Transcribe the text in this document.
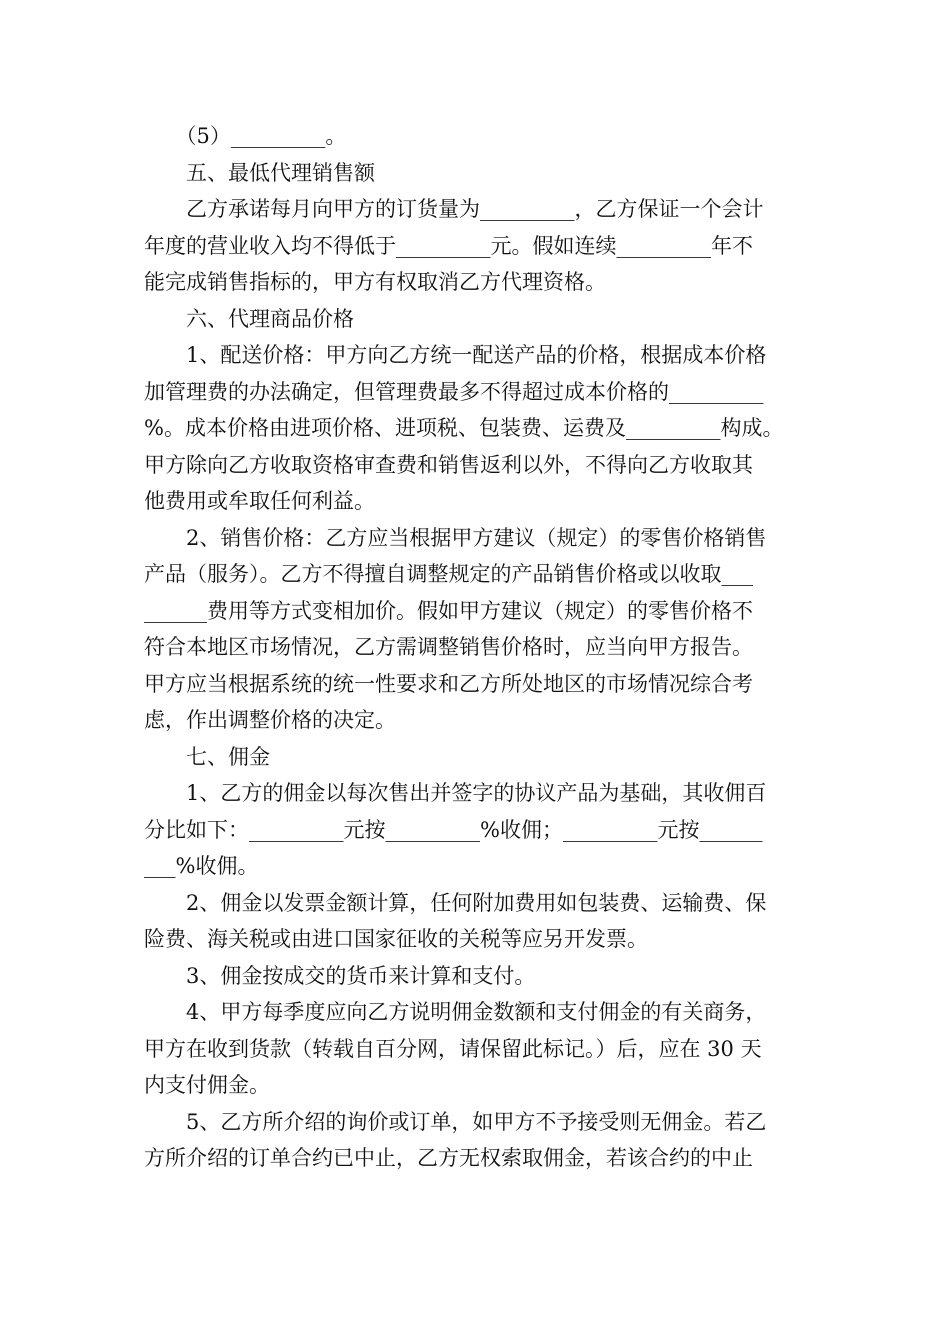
　　（5）_________。
　　五、最低代理销售额
　　乙方承诺每月向甲方的订货量为_________，乙方保证一个会计
年度的营业收入均不得低于_________元。假如连续_________年不
能完成销售指标的，甲方有权取消乙方代理资格。
　　六、代理商品价格
　　1、配送价格：甲方向乙方统一配送产品的价格，根据成本价格
加管理费的办法确定，但管理费最多不得超过成本价格的_________
%。成本价格由进项价格、进项税、包装费、运费及_________构成。
甲方除向乙方收取资格审查费和销售返利以外，不得向乙方收取其
他费用或牟取任何利益。
　　2、销售价格：乙方应当根据甲方建议（规定）的零售价格销售
产品（服务）。乙方不得擅自调整规定的产品销售价格或以收取___
______费用等方式变相加价。假如甲方建议（规定）的零售价格不
符合本地区市场情况，乙方需调整销售价格时，应当向甲方报告。
甲方应当根据系统的统一性要求和乙方所处地区的市场情况综合考
虑，作出调整价格的决定。
　　七、佣金
　　1、乙方的佣金以每次售出并签字的协议产品为基础，其收佣百
分比如下：_________元按_________%收佣；_________元按______
___%收佣。
　　2、佣金以发票金额计算，任何附加费用如包装费、运输费、保
险费、海关税或由进口国家征收的关税等应另开发票。
　　3、佣金按成交的货币来计算和支付。
　　4、甲方每季度应向乙方说明佣金数额和支付佣金的有关商务，
甲方在收到货款（转载自百分网，请保留此标记。）后，应在 30 天
内支付佣金。
　　5、乙方所介绍的询价或订单，如甲方不予接受则无佣金。若乙
方所介绍的订单合约已中止，乙方无权索取佣金，若该合约的中止
